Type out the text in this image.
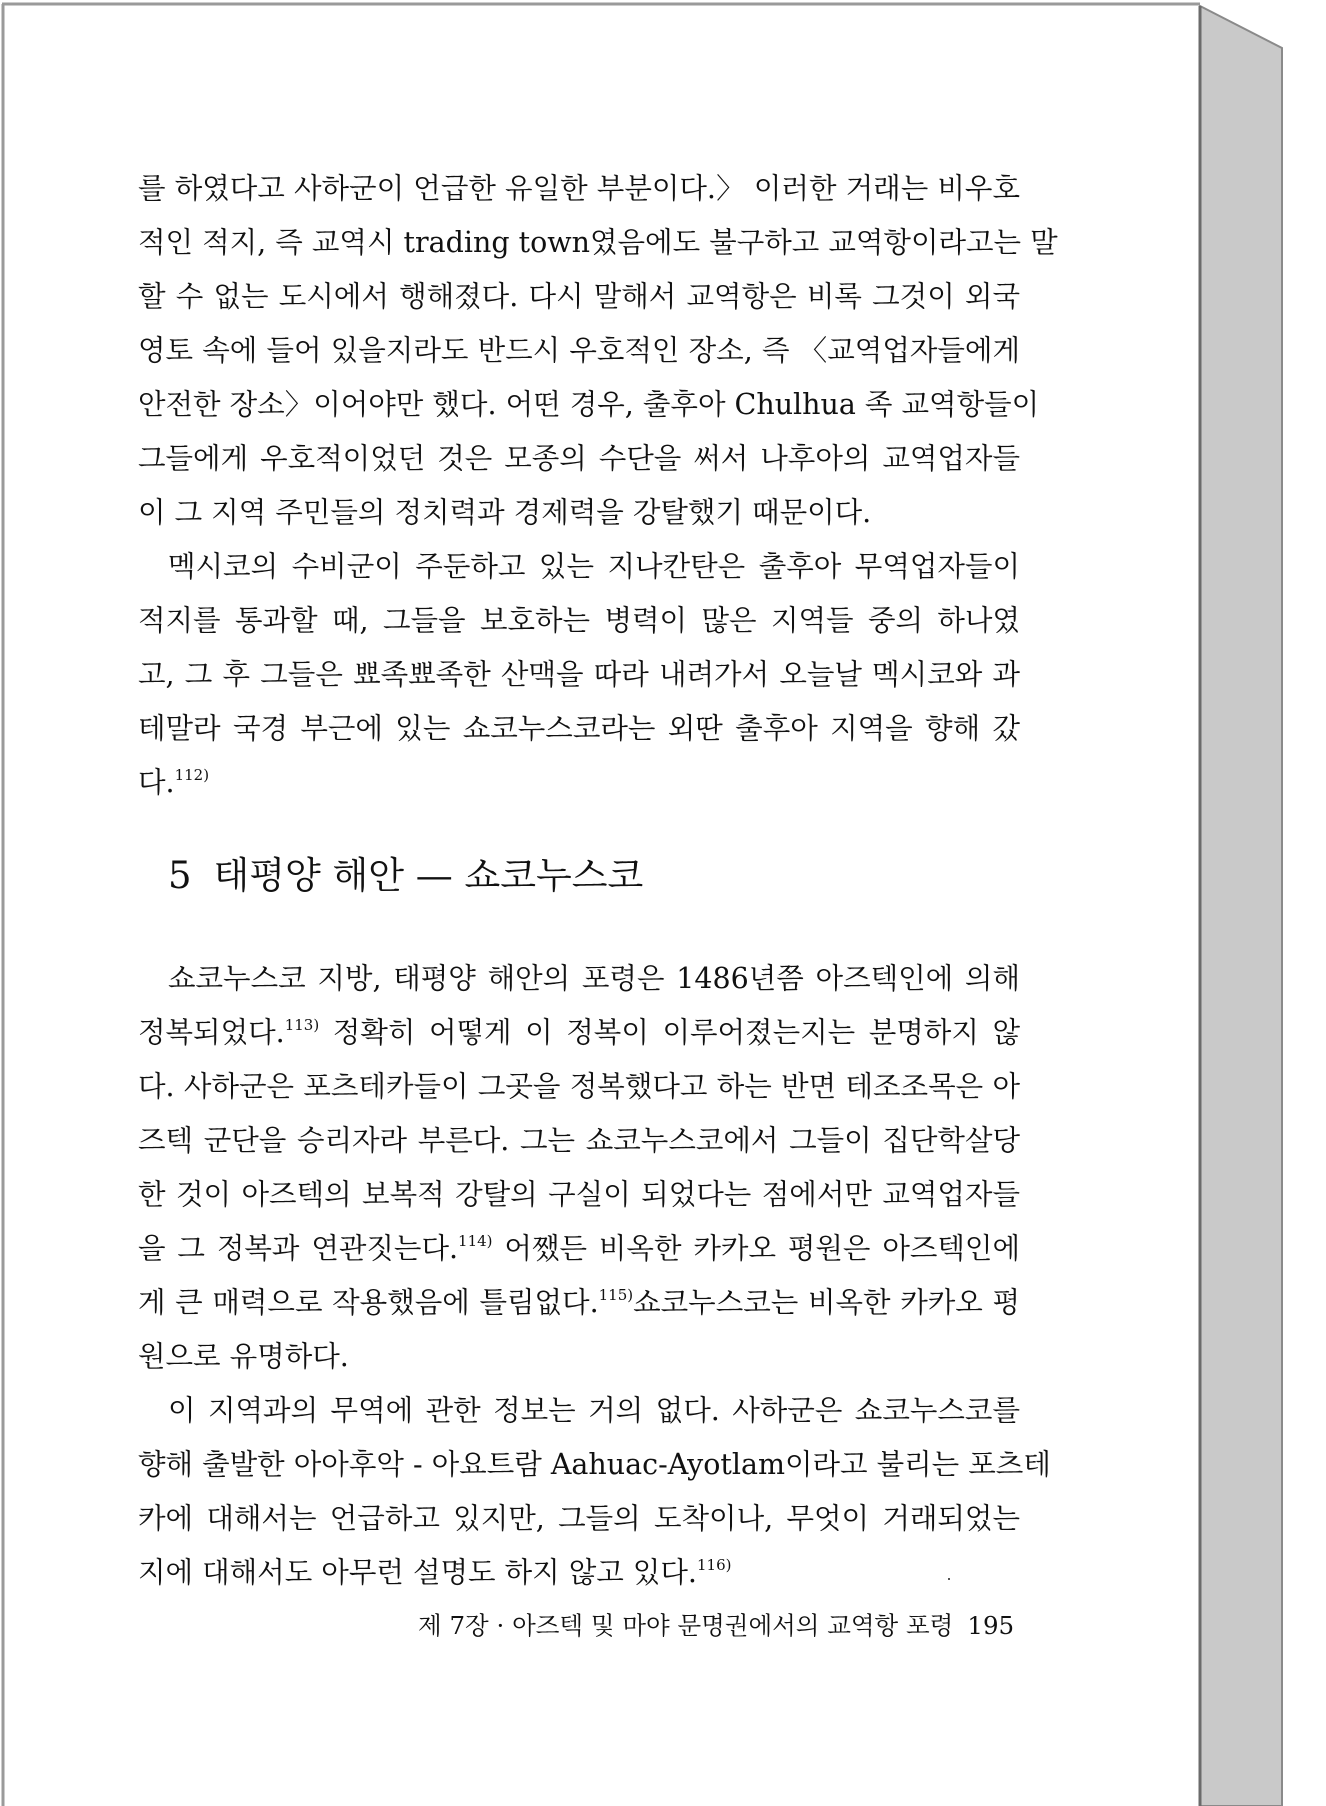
를 하였다고 사하군이 언급한 유일한 부분이다.〉 이러한 거래는 비우호

적인 적지, 즉 교역시 trading town였음에도 불구하고 교역항이라고는 말

할 수 없는 도시에서 행해졌다. 다시 말해서 교역항은 비록 그것이 외국

영토 속에 들어 있을지라도 반드시 우호적인 장소, 즉 〈교역업자들에게

안전한 장소〉이어야만 했다. 어떤 경우, 출후아 Chulhua 족 교역항들이

그들에게 우호적이었던 것은 모종의 수단을 써서 나후아의 교역업자들

이 그 지역 주민들의 정치력과 경제력을 강탈했기 때문이다.

멕시코의 수비군이 주둔하고 있는 지나칸탄은 출후아 무역업자들이

적지를 통과할 때, 그들을 보호하는 병력이 많은 지역들 중의 하나였

고, 그 후 그들은 뾰족뾰족한 산맥을 따라 내려가서 오늘날 멕시코와 과

테말라 국경 부근에 있는 쇼코누스코라는 외딴 출후아 지역을 향해 갔

다.$^{112)}$

5 태평양 해안 — 쇼코누스코

쇼코누스코 지방, 태평양 해안의 포령은 1486년쯤 아즈텍인에 의해

정복되었다.$^{113)}$ 정확히 어떻게 이 정복이 이루어졌는지는 분명하지 않

다. 사하군은 포츠테카들이 그곳을 정복했다고 하는 반면 테조조목은 아

즈텍 군단을 승리자라 부른다. 그는 쇼코누스코에서 그들이 집단학살당

한 것이 아즈텍의 보복적 강탈의 구실이 되었다는 점에서만 교역업자들

을 그 정복과 연관짓는다.$^{114)}$ 어쨌든 비옥한 카카오 평원은 아즈텍인에

게 큰 매력으로 작용했음에 틀림없다.$^{115)}$쇼코누스코는 비옥한 카카오 평

원으로 유명하다.

이 지역과의 무역에 관한 정보는 거의 없다. 사하군은 쇼코누스코를

향해 출발한 아아후악 - 아요트람 Aahuac-Ayotlam이라고 불리는 포츠테

카에 대해서는 언급하고 있지만, 그들의 도착이나, 무엇이 거래되었는

지에 대해서도 아무런 설명도 하지 않고 있다.$^{116)}$

제 7장 · 아즈텍 및 마야 문명권에서의 교역항 포령 195
